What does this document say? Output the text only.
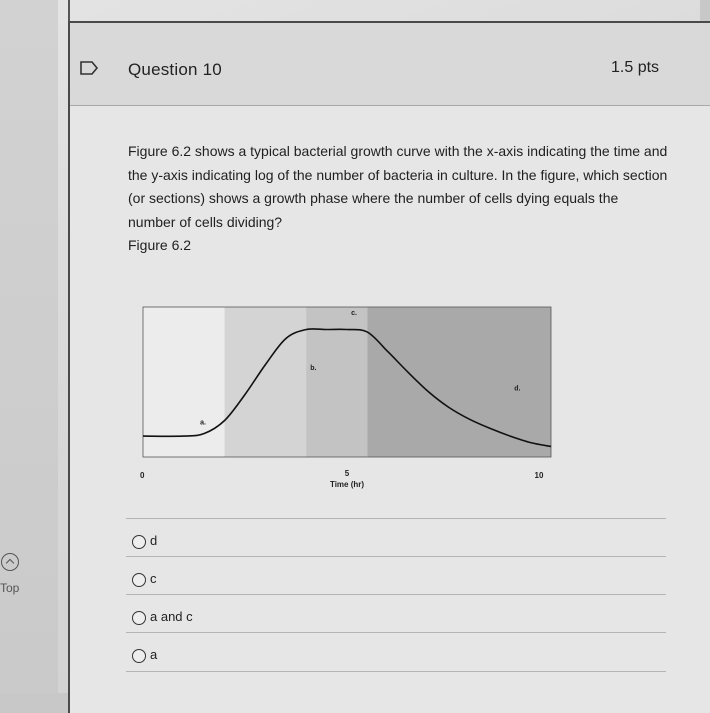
Question 10	1.5 pts

Figure 6.2 shows a typical bacterial growth curve with the x-axis indicating the time and the y-axis indicating log of the number of bacteria in culture. In the figure, which section (or sections) shows a growth phase where the number of cells dying equals the number of cells dividing?

Figure 6.2
0	5	10
Time (hr)
a.
b.
c.
d.
d
c
a and c
a
Top
